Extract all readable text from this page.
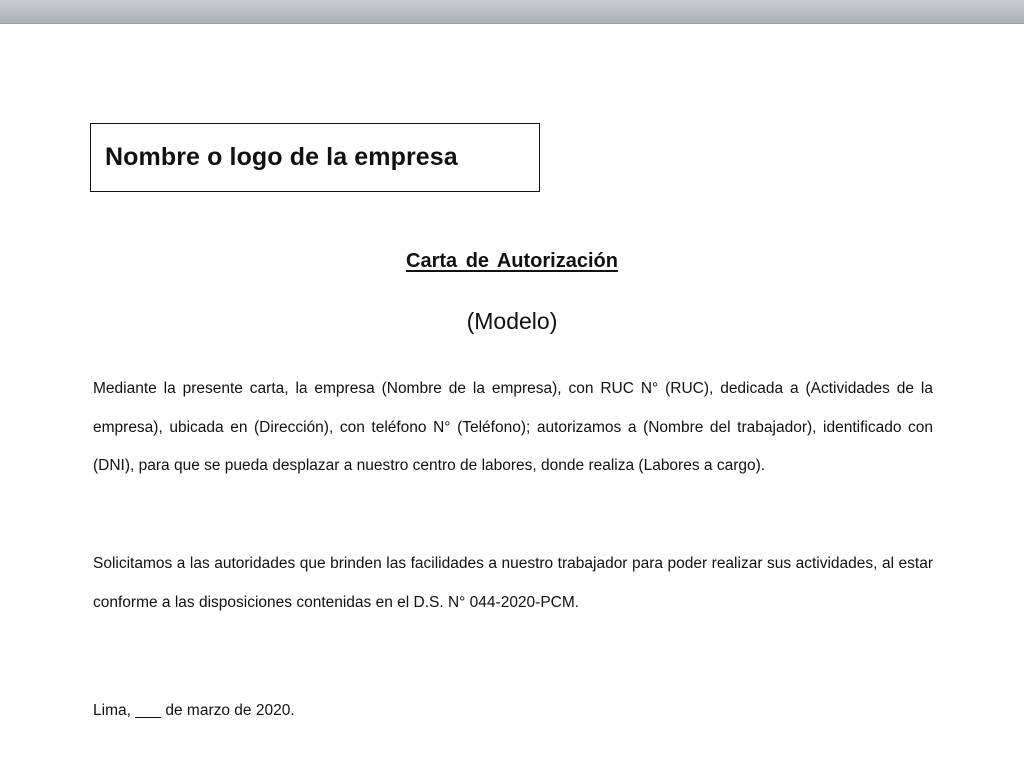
Nombre o logo de la empresa
Carta de Autorización
(Modelo)

Mediante la presente carta, la empresa (Nombre de la empresa), con RUC N° (RUC), dedicada a (Actividades de la empresa), ubicada en (Dirección), con teléfono N° (Teléfono); autorizamos a (Nombre del trabajador), identificado con (DNI), para que se pueda desplazar a nuestro centro de labores, donde realiza (Labores a cargo).

Solicitamos a las autoridades que brinden las facilidades a nuestro trabajador para poder realizar sus actividades, al estar conforme a las disposiciones contenidas en el D.S. N° 044-2020-PCM.

Lima, ___ de marzo de 2020.
